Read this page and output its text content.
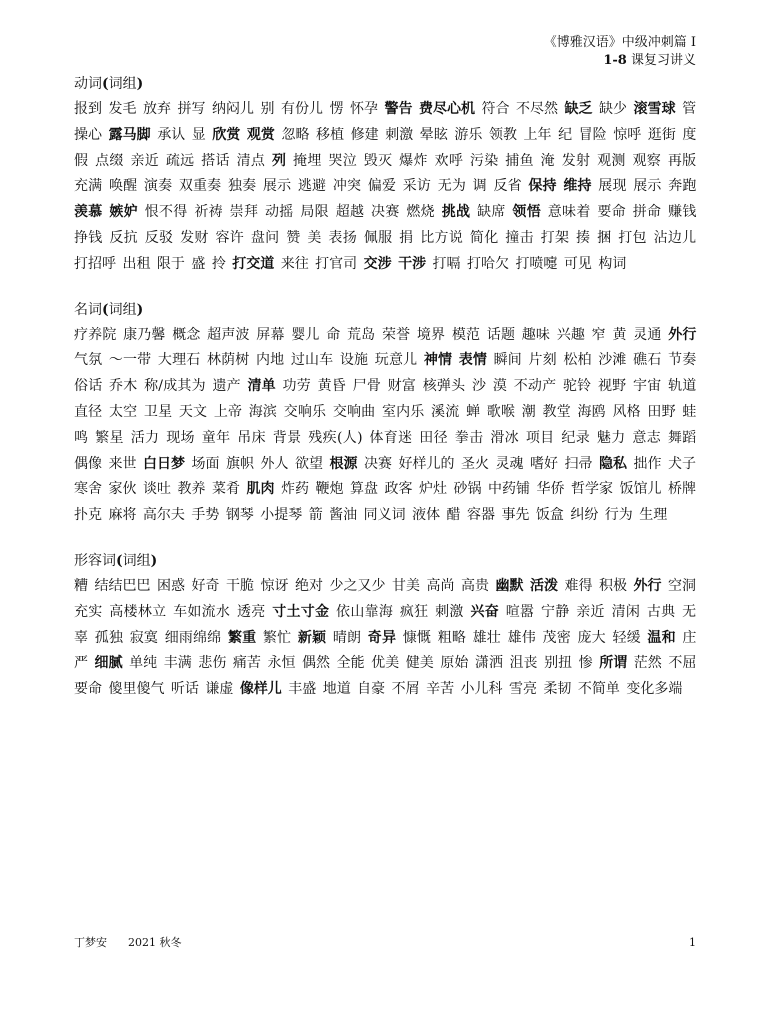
《博雅汉语》中级冲刺篇 I
1-8 课复习讲义
动词(词组)
报到 发毛 放弃 拼写 纳闷儿 别 有份儿 愣 怀孕 警告 费尽心机 符合 不尽然 缺乏 缺少 滚雪球 管 操心 露马脚 承认 显 欣赏 观赏 忽略 移植 修建 刺激 晕眩 游乐 领教 上年 纪 冒险 惊呼 逛街 度假 点缀 亲近 疏远 搭话 清点 列 掩埋 哭泣 毁灭 爆炸 欢呼 污染 捕鱼 淹 发射 观测 观察 再版 充满 唤醒 演奏 双重奏 独奏 展示 逃避 冲突 偏爱 采访 无为 调 反省 保持 维持 展现 展示 奔跑 羡慕 嫉妒 恨不得 祈祷 崇拜 动摇 局限 超越 决赛 燃烧 挑战 缺席 领悟 意味着 要命 拼命 赚钱 挣钱 反抗 反驳 发财 容许 盘问 赞 美 表扬 佩服 捐 比方说 简化 撞击 打架 揍 捆 打包 沾边儿 打招呼 出租 限于 盛 拎 打交道 来往 打官司 交涉 干涉 打嗝 打哈欠 打喷嚏 可见 构词
名词(词组)
疗养院 康乃馨 概念 超声波 屏幕 婴儿 命 荒岛 荣誉 境界 模范 话题 趣味 兴趣 窄 黄 灵通 外行 气氛 ～一带 大理石 林荫树 内地 过山车 设施 玩意儿 神情 表情 瞬间 片刻 松柏 沙滩 礁石 节奏 俗话 乔木 称/成其为 遗产 清单 功劳 黄昏 尸骨 财富 核弹头 沙 漠 不动产 驼铃 视野 宇宙 轨道 直径 太空 卫星 天文 上帝 海滨 交响乐 交响曲 室内乐 溪流 蝉 歌喉 潮 教堂 海鸥 风格 田野 蛙鸣 繁星 活力 现场 童年 吊床 背景 残疾(人) 体育迷 田径 拳击 滑冰 项目 纪录 魅力 意志 舞蹈 偶像 来世 白日梦 场面 旗帜 外人 欲望 根源 决赛 好样儿的 圣火 灵魂 嗜好 扫帚 隐私 拙作 犬子 寒舍 家伙 谈吐 教养 菜肴 肌肉 炸药 鞭炮 算盘 政客 炉灶 砂锅 中药铺 华侨 哲学家 饭馆儿 桥牌 扑克 麻将 高尔夫 手势 钢琴 小提琴 箭 酱油 同义词 液体 醋 容器 事先 饭盒 纠纷 行为 生理
形容词(词组)
糟 结结巴巴 困惑 好奇 干脆 惊讶 绝对 少之又少 甘美 高尚 高贵 幽默 活泼 难得 积极 外行 空洞 充实 高楼林立 车如流水 透亮 寸土寸金 依山靠海 疯狂 刺激 兴奋 喧嚣 宁静 亲近 清闲 古典 无辜 孤独 寂寞 细雨绵绵 繁重 繁忙 新颖 晴朗 奇异 慷慨 粗略 雄壮 雄伟 茂密 庞大 轻缓 温和 庄严 细腻 单纯 丰满 悲伤 痛苦 永恒 偶然 全能 优美 健美 原始 潇洒 沮丧 别扭 惨 所谓 茫然 不屈 要命 傻里傻气 听话 谦虚 像样儿 丰盛 地道 自豪 不屑 辛苦 小儿科 雪亮 柔韧 不简单 变化多端
丁梦安 2021 秋冬	1
